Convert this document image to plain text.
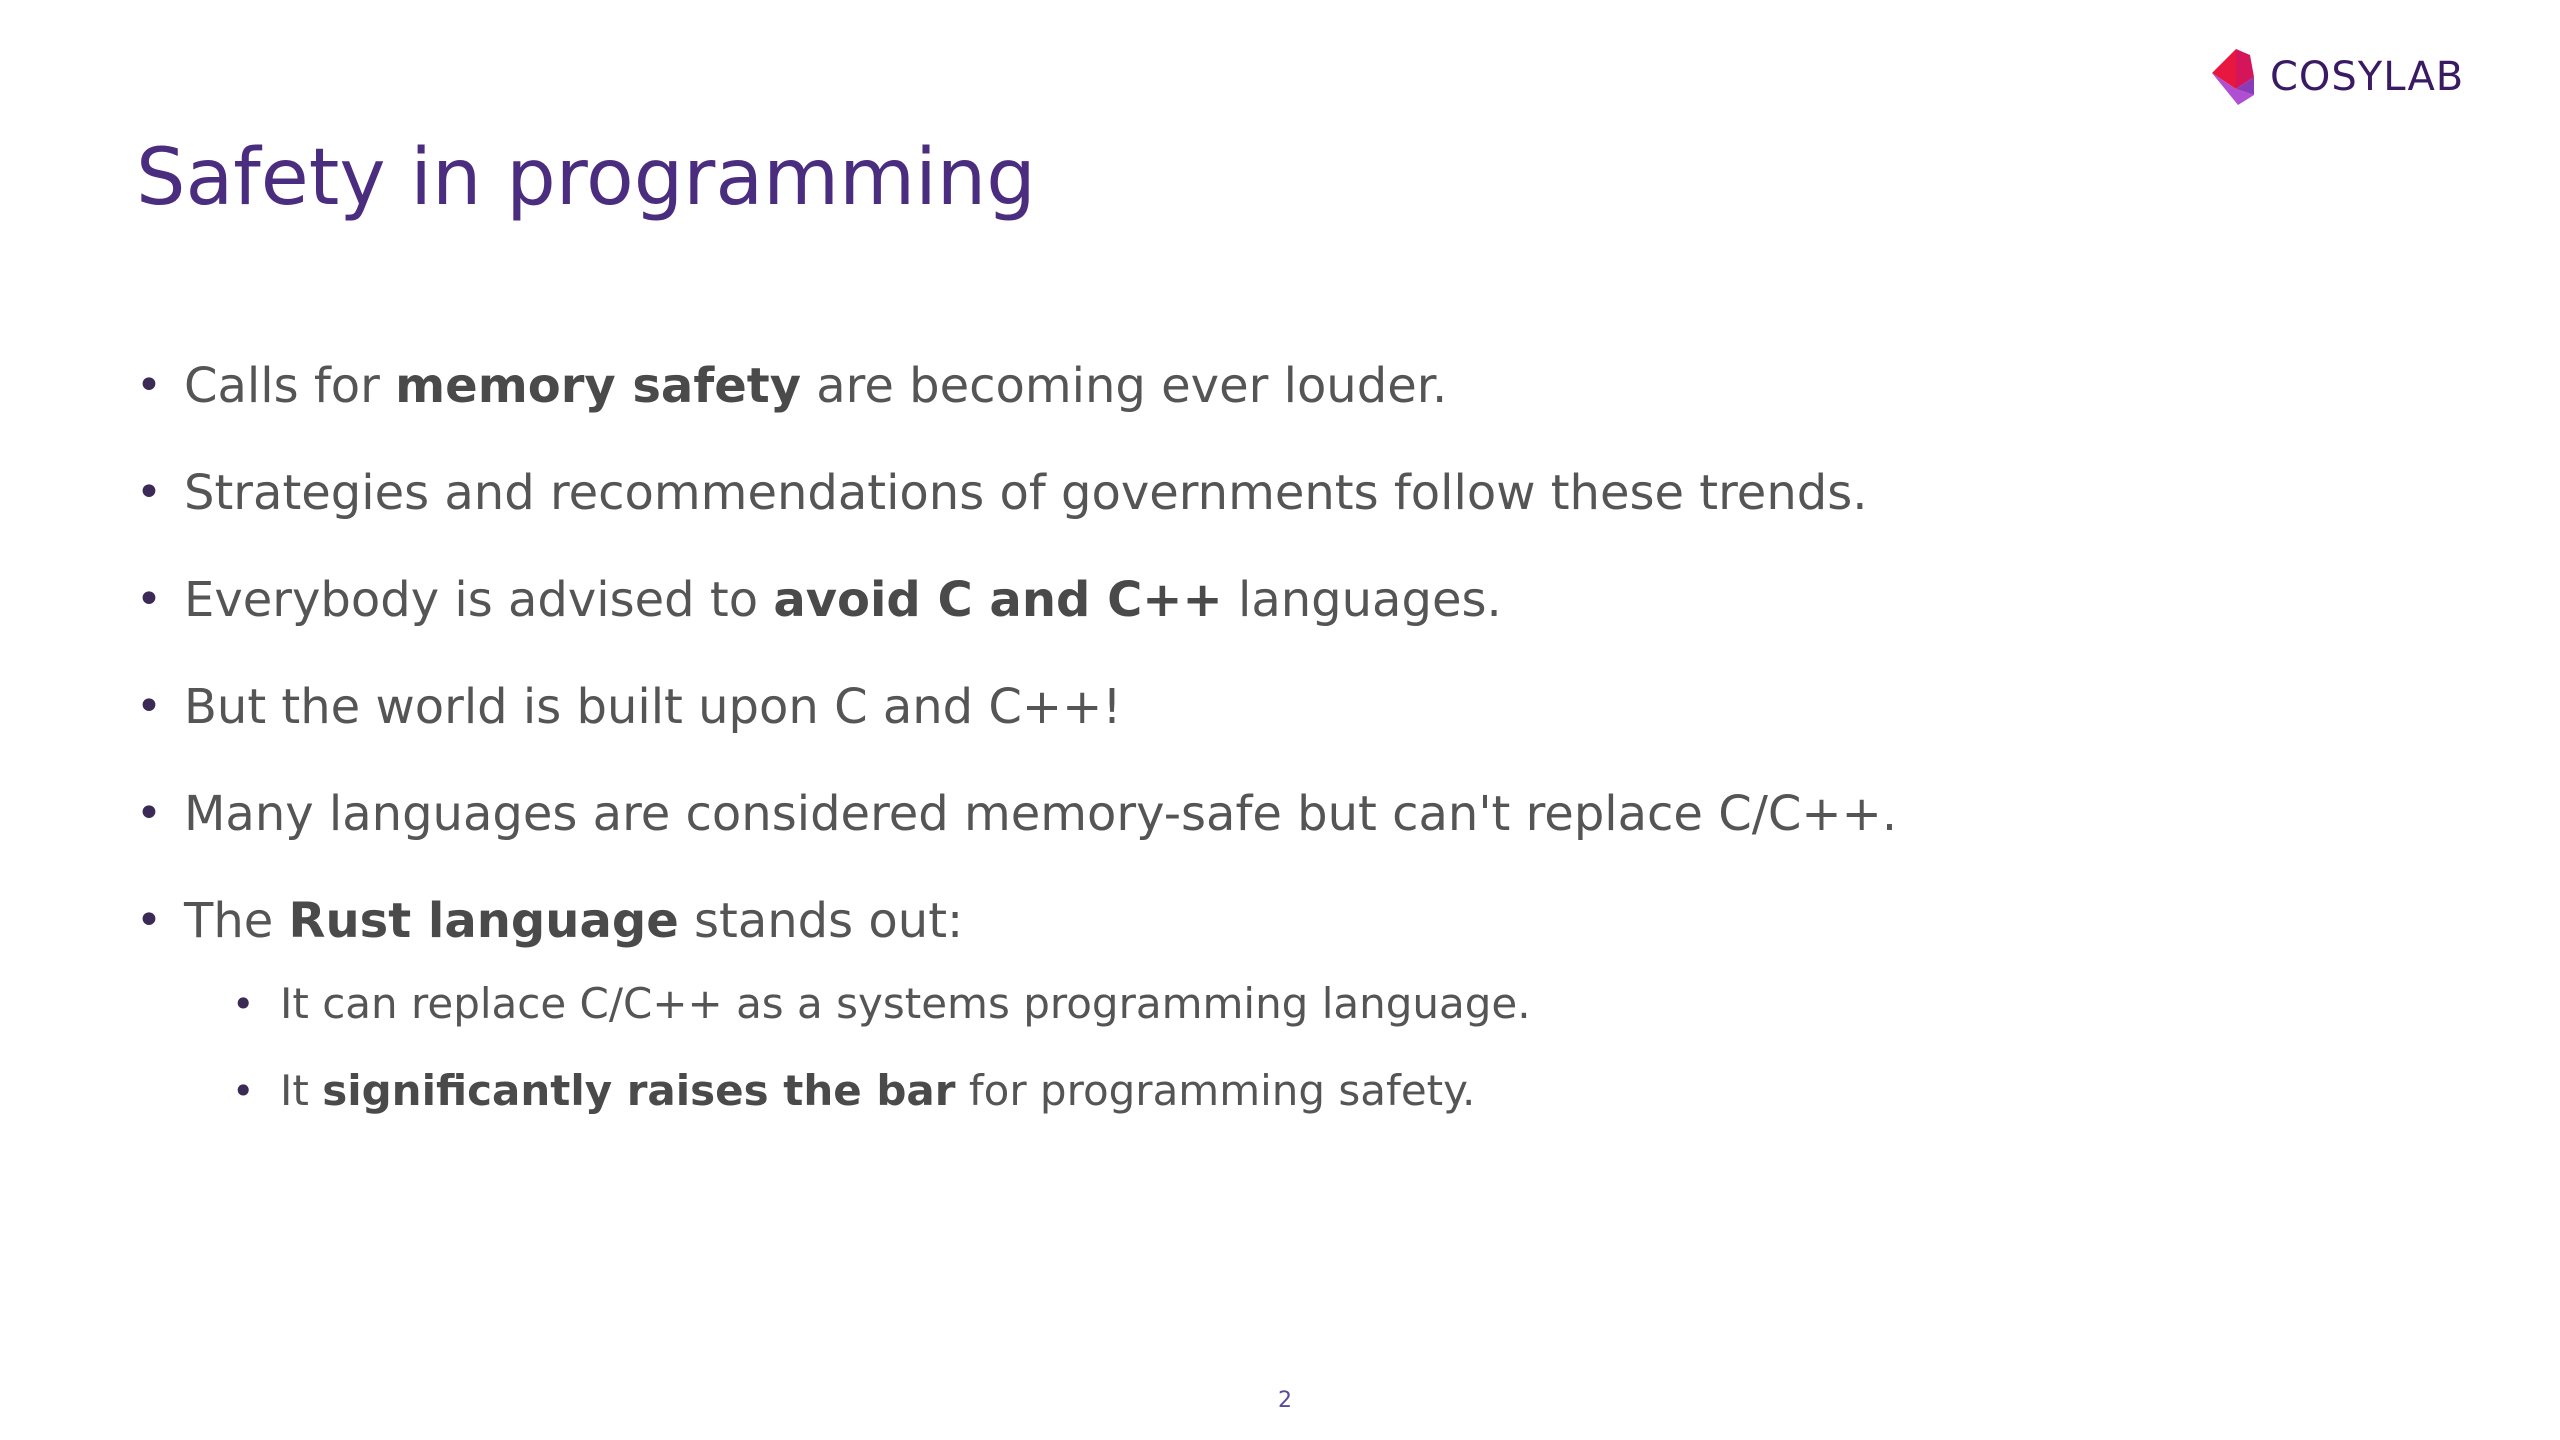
COSYLAB
Safety in programming
• Calls for memory safety are becoming ever louder.
• Strategies and recommendations of governments follow these trends.
• Everybody is advised to avoid C and C++ languages.
• But the world is built upon C and C++!
• Many languages are considered memory-safe but can't replace C/C++.
• The Rust language stands out:
• It can replace C/C++ as a systems programming language.
• It significantly raises the bar for programming safety.
2
